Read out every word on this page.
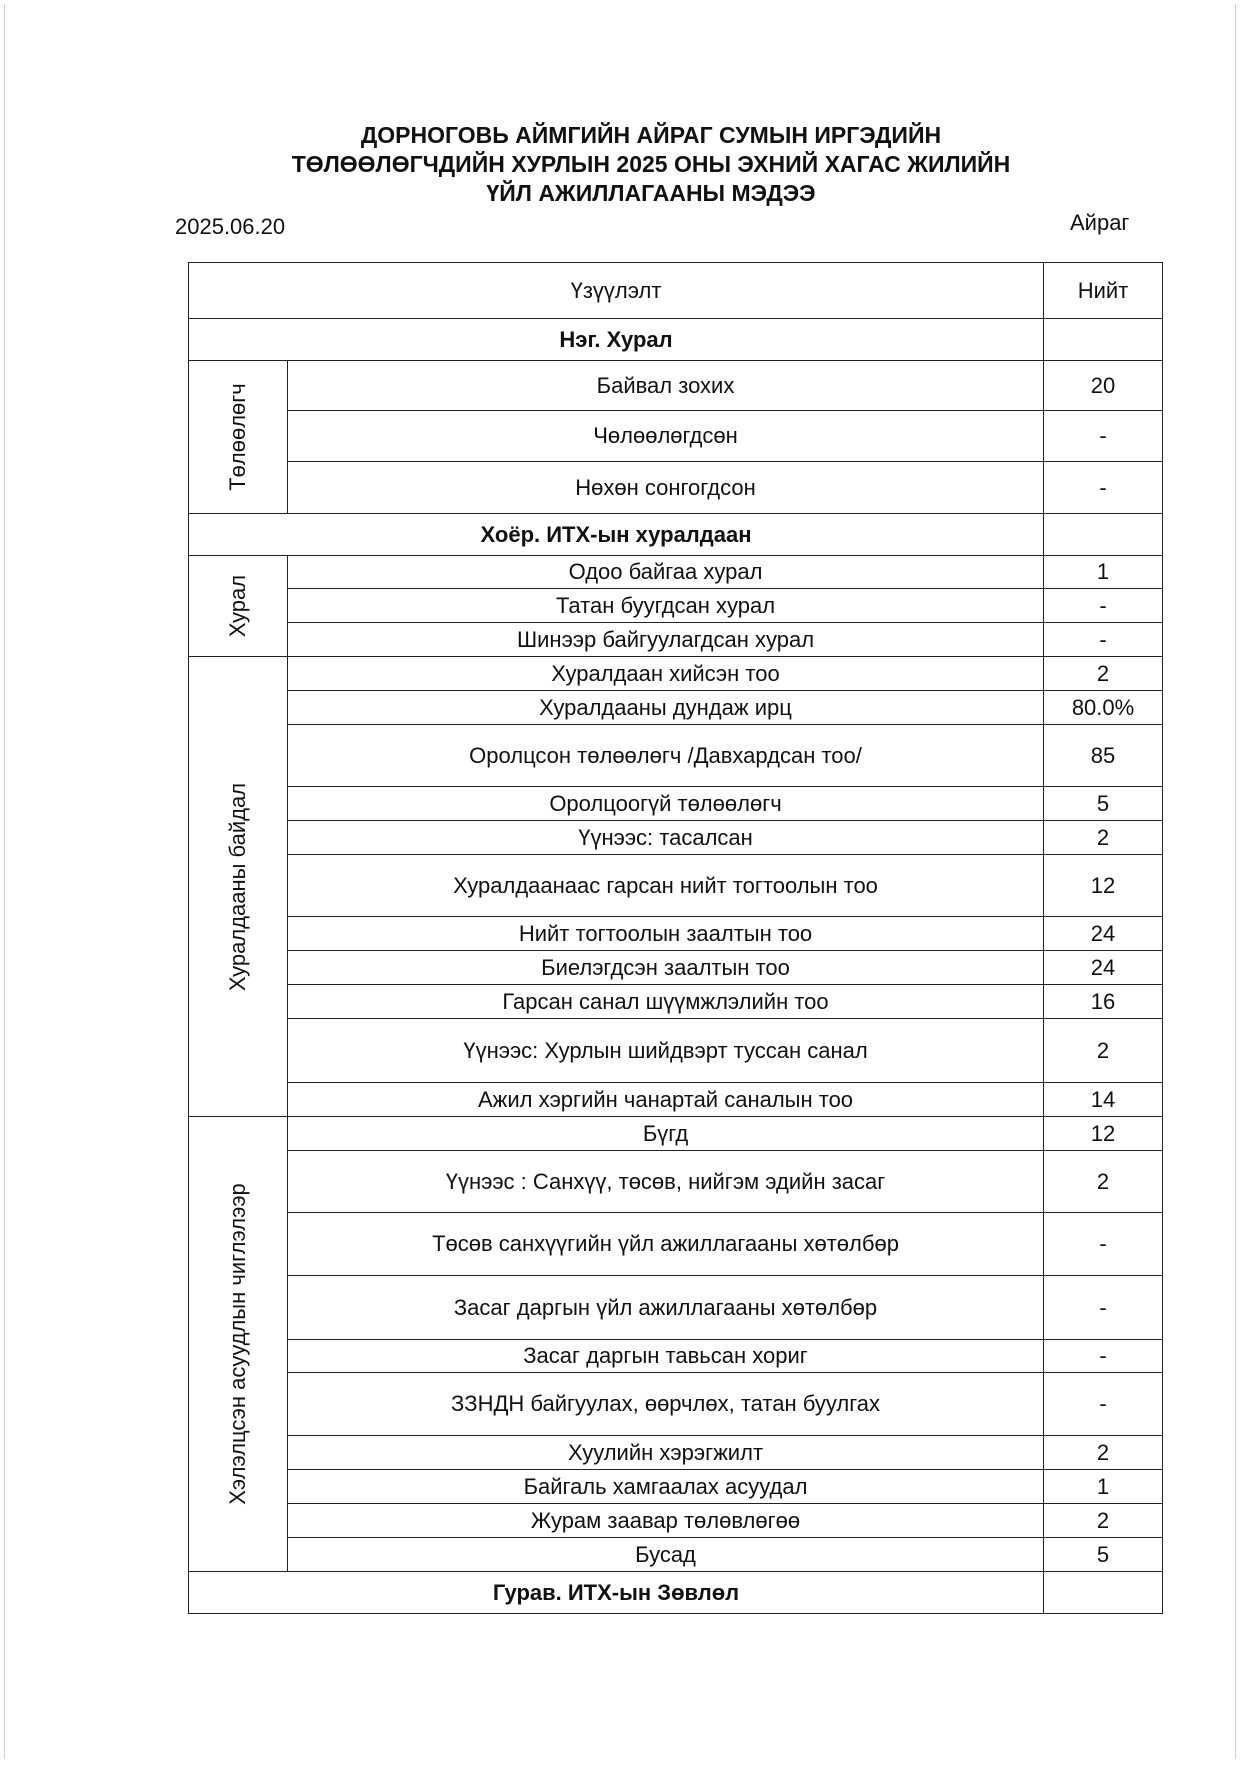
ДОРНОГОВЬ АЙМГИЙН АЙРАГ СУМЫН ИРГЭДИЙН
ТӨЛӨӨЛӨГЧДИЙН ХУРЛЫН 2025 ОНЫ ЭХНИЙ ХАГАС ЖИЛИЙН
ҮЙЛ АЖИЛЛАГААНЫ МЭДЭЭ
2025.06.20	Айраг
Үзүүлэлт		Нийт
Нэг. Хурал		

Төлөөлөгч	Байвал зохих	20
	Чөлөөлөгдсөн	-
	Нөхөн сонгогдсон	-
Хоёр. ИТХ-ын хуралдаан		

Хурал	Одоо байгаа хурал	1
	Татан буугдсан хурал	-
	Шинээр байгуулагдсан хурал	-

Хуралдааны байдал	Хуралдаан хийсэн тоо	2
	Хуралдааны дундаж ирц	80.0%
	Оролцсон төлөөлөгч /Давхардсан тоо/	85
	Оролцоогүй төлөөлөгч	5
	Үүнээс: тасалсан	2
	Хуралдаанаас гарсан нийт тогтоолын тоо	12
	Нийт тогтоолын заалтын тоо	24
	Биелэгдсэн заалтын тоо	24
	Гарсан санал шүүмжлэлийн тоо	16
	Үүнээс: Хурлын шийдвэрт туссан санал	2
	Ажил хэргийн чанартай саналын тоо	14

Хэлэлцсэн асуудлын чиглэлээр	Бүгд	12
	Үүнээс : Санхүү, төсөв, нийгэм эдийн засаг	2
	Төсөв санхүүгийн үйл ажиллагааны хөтөлбөр	-
	Засаг даргын үйл ажиллагааны хөтөлбөр	-
	Засаг даргын тавьсан хориг	-
	ЗЗНДН байгуулах, өөрчлөх, татан буулгах	-
	Хуулийн хэрэгжилт	2
	Байгаль хамгаалах асуудал	1
	Журам заавар төлөвлөгөө	2
	Бусад	5
Гурав. ИТХ-ын Зөвлөл		
